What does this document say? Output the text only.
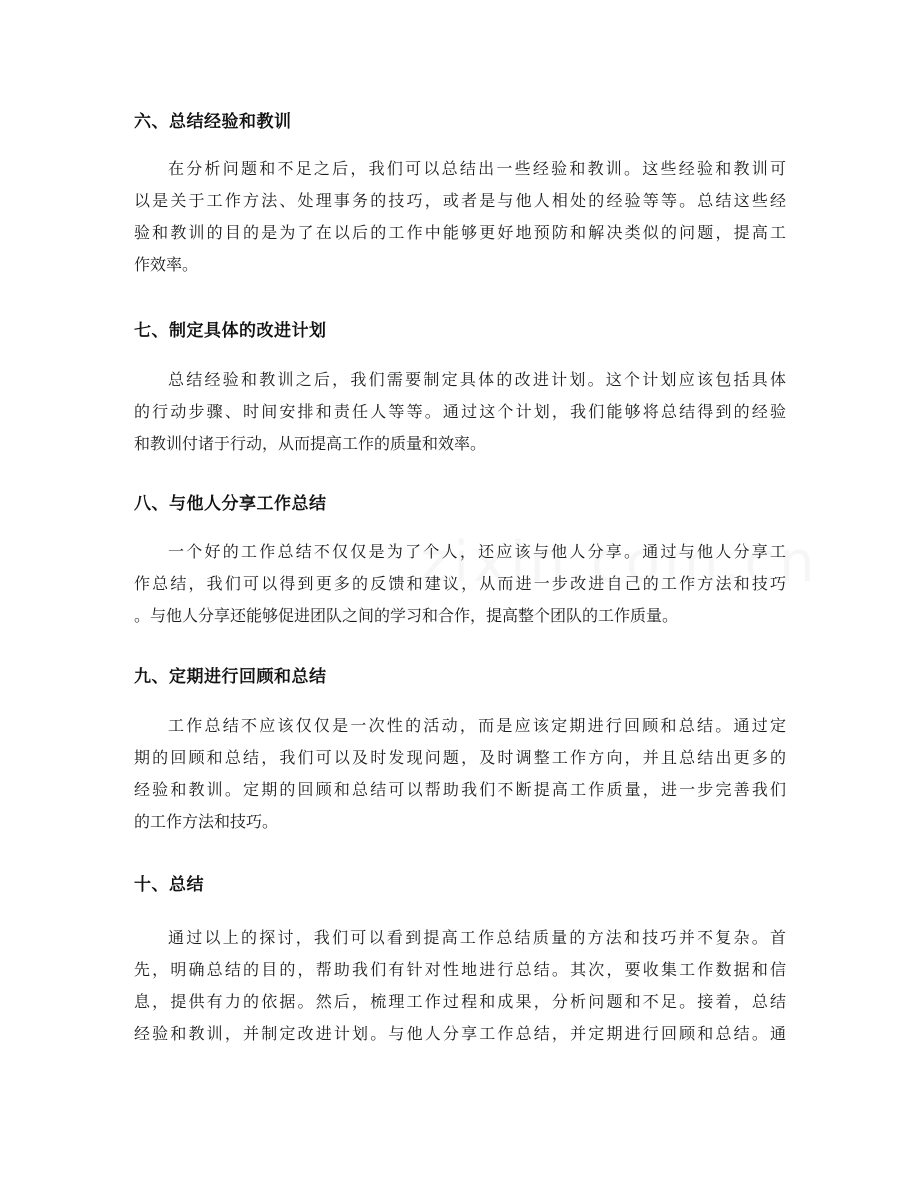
六、总结经验和教训
在分析问题和不足之后，我们可以总结出一些经验和教训。这些经验和教训可
以是关于工作方法、处理事务的技巧，或者是与他人相处的经验等等。总结这些经
验和教训的目的是为了在以后的工作中能够更好地预防和解决类似的问题，提高工
作效率。
七、制定具体的改进计划
总结经验和教训之后，我们需要制定具体的改进计划。这个计划应该包括具体
的行动步骤、时间安排和责任人等等。通过这个计划，我们能够将总结得到的经验
和教训付诸于行动，从而提高工作的质量和效率。
八、与他人分享工作总结
一个好的工作总结不仅仅是为了个人，还应该与他人分享。通过与他人分享工
作总结，我们可以得到更多的反馈和建议，从而进一步改进自己的工作方法和技巧
。与他人分享还能够促进团队之间的学习和合作，提高整个团队的工作质量。
九、定期进行回顾和总结
工作总结不应该仅仅是一次性的活动，而是应该定期进行回顾和总结。通过定
期的回顾和总结，我们可以及时发现问题，及时调整工作方向，并且总结出更多的
经验和教训。定期的回顾和总结可以帮助我们不断提高工作质量，进一步完善我们
的工作方法和技巧。
十、总结
通过以上的探讨，我们可以看到提高工作总结质量的方法和技巧并不复杂。首
先，明确总结的目的，帮助我们有针对性地进行总结。其次，要收集工作数据和信
息，提供有力的依据。然后，梳理工作过程和成果，分析问题和不足。接着，总结
经验和教训，并制定改进计划。与他人分享工作总结，并定期进行回顾和总结。通
